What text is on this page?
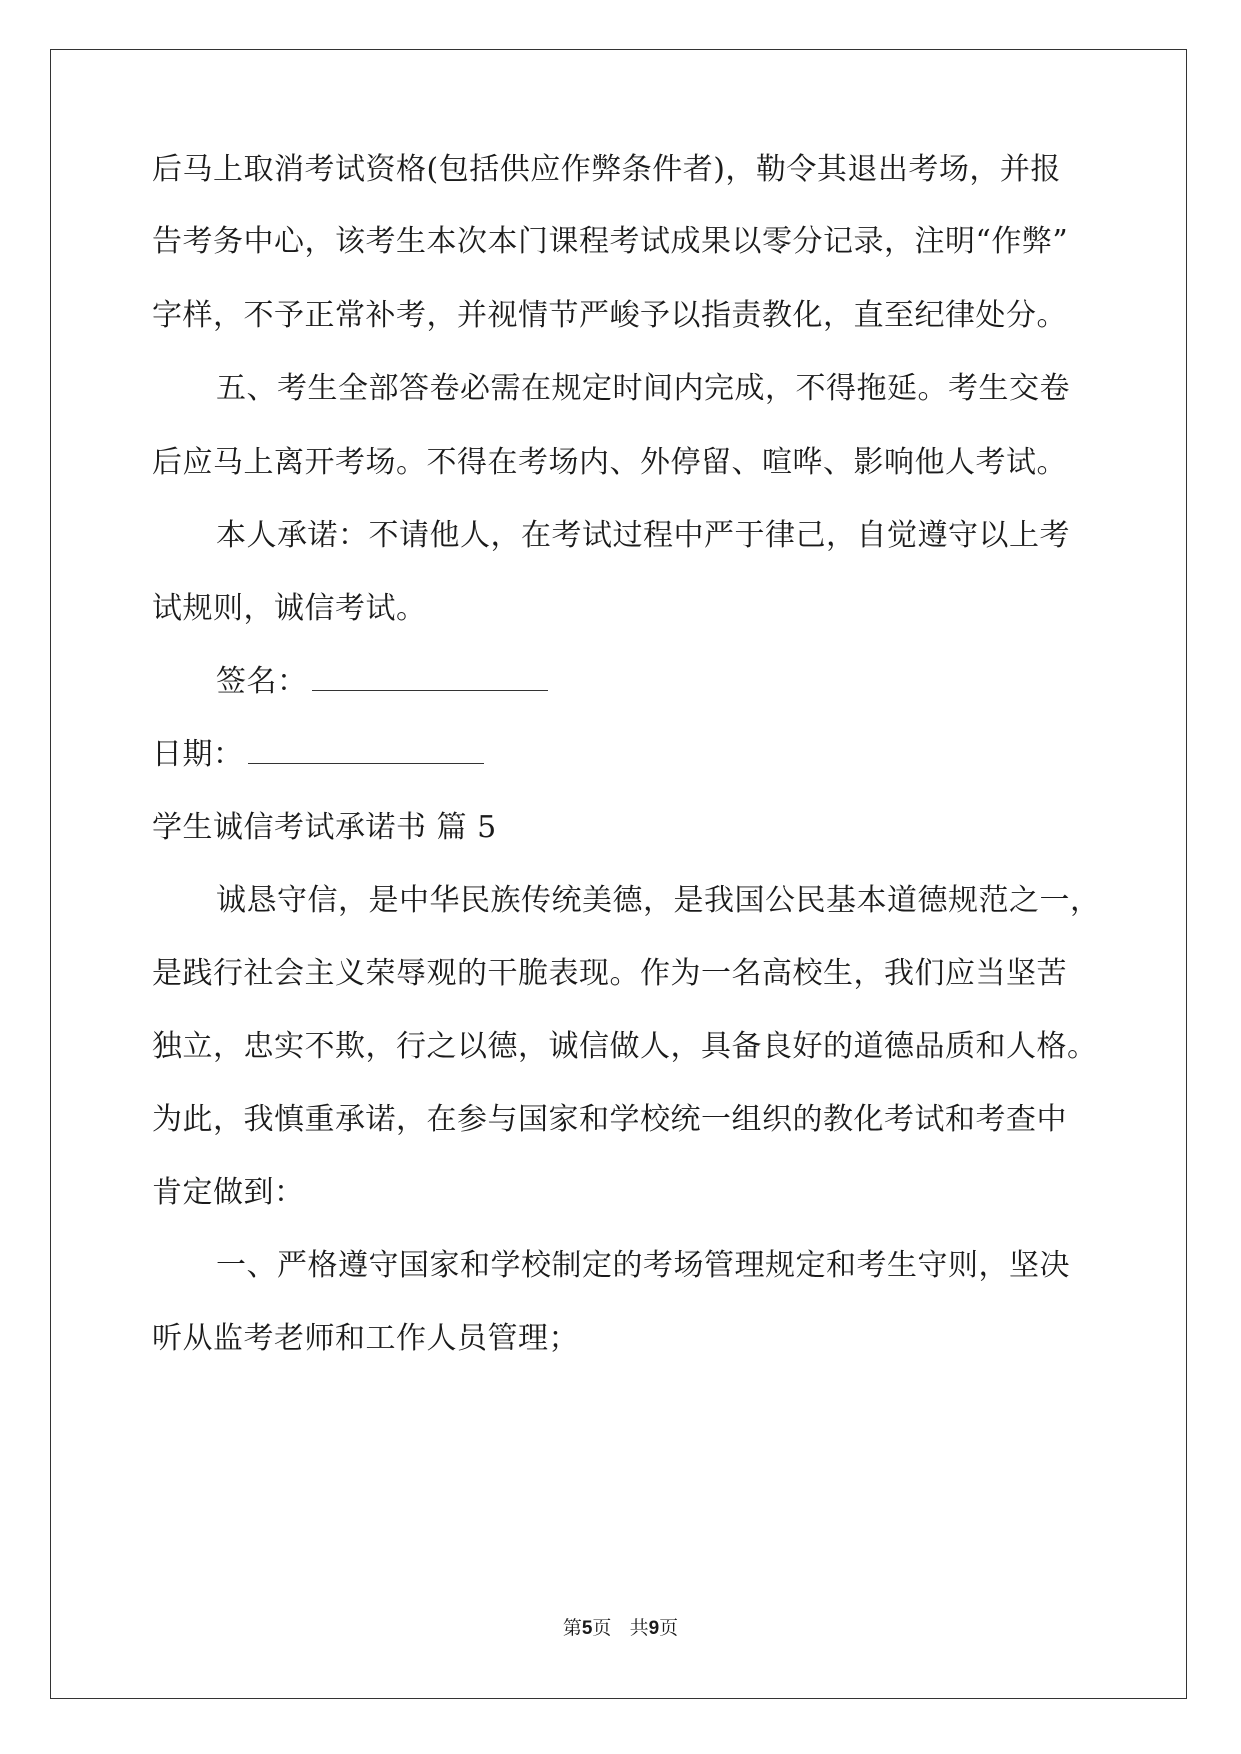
后马上取消考试资格(包括供应作弊条件者)，勒令其退出考场，并报
告考务中心，该考生本次本门课程考试成果以零分记录，注明“作弊”
字样，不予正常补考，并视情节严峻予以指责教化，直至纪律处分。
五、考生全部答卷必需在规定时间内完成，不得拖延。考生交卷
后应马上离开考场。不得在考场内、外停留、喧哗、影响他人考试。
本人承诺：不请他人，在考试过程中严于律己，自觉遵守以上考
试规则，诚信考试。
签名：
日期：
学生诚信考试承诺书 篇 5
诚恳守信，是中华民族传统美德，是我国公民基本道德规范之一，
是践行社会主义荣辱观的干脆表现。作为一名高校生，我们应当坚苦
独立，忠实不欺，行之以德，诚信做人，具备良好的道德品质和人格。
为此，我慎重承诺，在参与国家和学校统一组织的教化考试和考查中
肯定做到：
一、严格遵守国家和学校制定的考场管理规定和考生守则，坚决
听从监考老师和工作人员管理；
第5页 共9页
